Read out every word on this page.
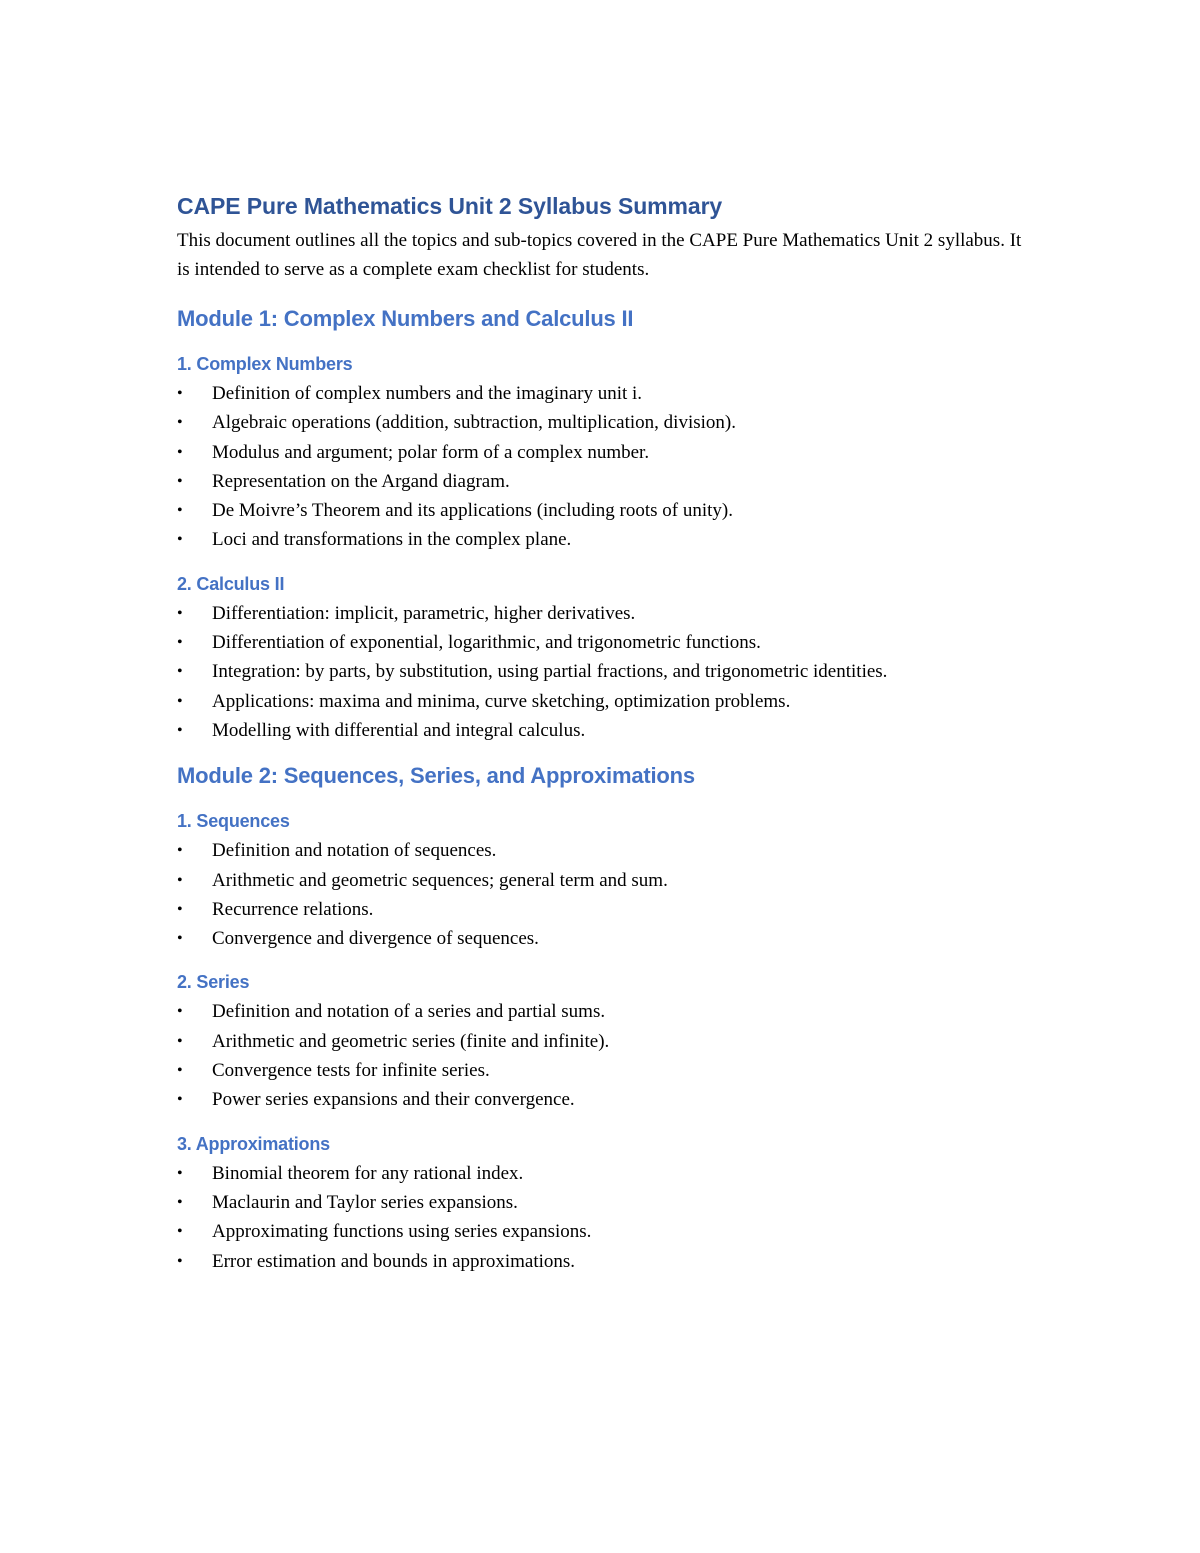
CAPE Pure Mathematics Unit 2 Syllabus Summary

This document outlines all the topics and sub-topics covered in the CAPE Pure Mathematics Unit 2 syllabus. It is intended to serve as a complete exam checklist for students.

Module 1: Complex Numbers and Calculus II
1. Complex Numbers
•	Definition of complex numbers and the imaginary unit i.
•	Algebraic operations (addition, subtraction, multiplication, division).
•	Modulus and argument; polar form of a complex number.
•	Representation on the Argand diagram.
•	De Moivre’s Theorem and its applications (including roots of unity).
•	Loci and transformations in the complex plane.
2. Calculus II
•	Differentiation: implicit, parametric, higher derivatives.
•	Differentiation of exponential, logarithmic, and trigonometric functions.
•	Integration: by parts, by substitution, using partial fractions, and trigonometric identities.
•	Applications: maxima and minima, curve sketching, optimization problems.
•	Modelling with differential and integral calculus.
Module 2: Sequences, Series, and Approximations
1. Sequences
•	Definition and notation of sequences.
•	Arithmetic and geometric sequences; general term and sum.
•	Recurrence relations.
•	Convergence and divergence of sequences.
2. Series
•	Definition and notation of a series and partial sums.
•	Arithmetic and geometric series (finite and infinite).
•	Convergence tests for infinite series.
•	Power series expansions and their convergence.
3. Approximations
•	Binomial theorem for any rational index.
•	Maclaurin and Taylor series expansions.
•	Approximating functions using series expansions.
•	Error estimation and bounds in approximations.
